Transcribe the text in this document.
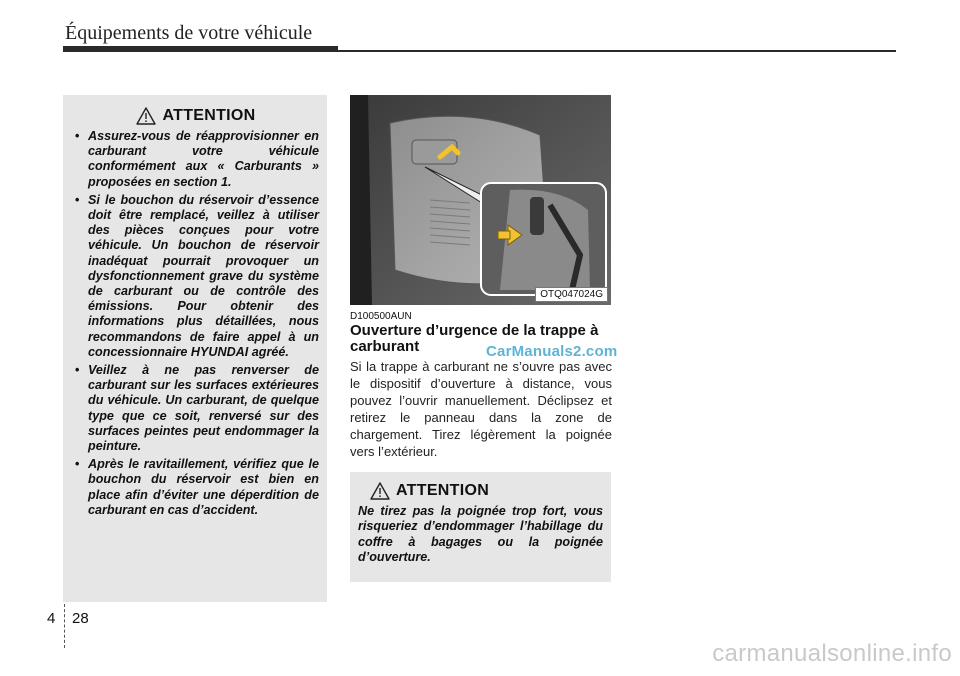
Équipements de votre véhicule
ATTENTION
• Assurez-vous de réapprovisionner en carburant votre véhicule conformément aux « Carburants » proposées en section 1.
• Si le bouchon du réservoir d’essence doit être remplacé, veillez à utiliser des pièces conçues pour votre véhicule. Un bouchon de réservoir inadéquat pourrait provoquer un dysfonctionnement grave du système de carburant ou de contrôle des émissions. Pour obtenir des informations plus détaillées, nous recommandons de faire appel à un concessionnaire HYUNDAI agréé.
• Veillez à ne pas renverser de carburant sur les surfaces extérieures du véhicule. Un carburant, de quelque type que ce soit, renversé sur des surfaces peintes peut endommager la peinture.
• Après le ravitaillement, vérifiez que le bouchon du réservoir est bien en place afin d’éviter une déperdition de carburant en cas d’accident.
OTQ047024G
D100500AUN
Ouverture d’urgence de la trappe à carburant

Si la trappe à carburant ne s’ouvre pas avec le dispositif d’ouverture à distance, vous pouvez l’ouvrir manuellement. Déclipsez et retirez le panneau dans la zone de chargement. Tirez légèrement la poignée vers l’extérieur.

CarManuals2.com
ATTENTION

Ne tirez pas la poignée trop fort, vous risqueriez d’endommager l’habillage du coffre à bagages ou la poignée d’ouverture.

4 28
carmanualsonline.info
